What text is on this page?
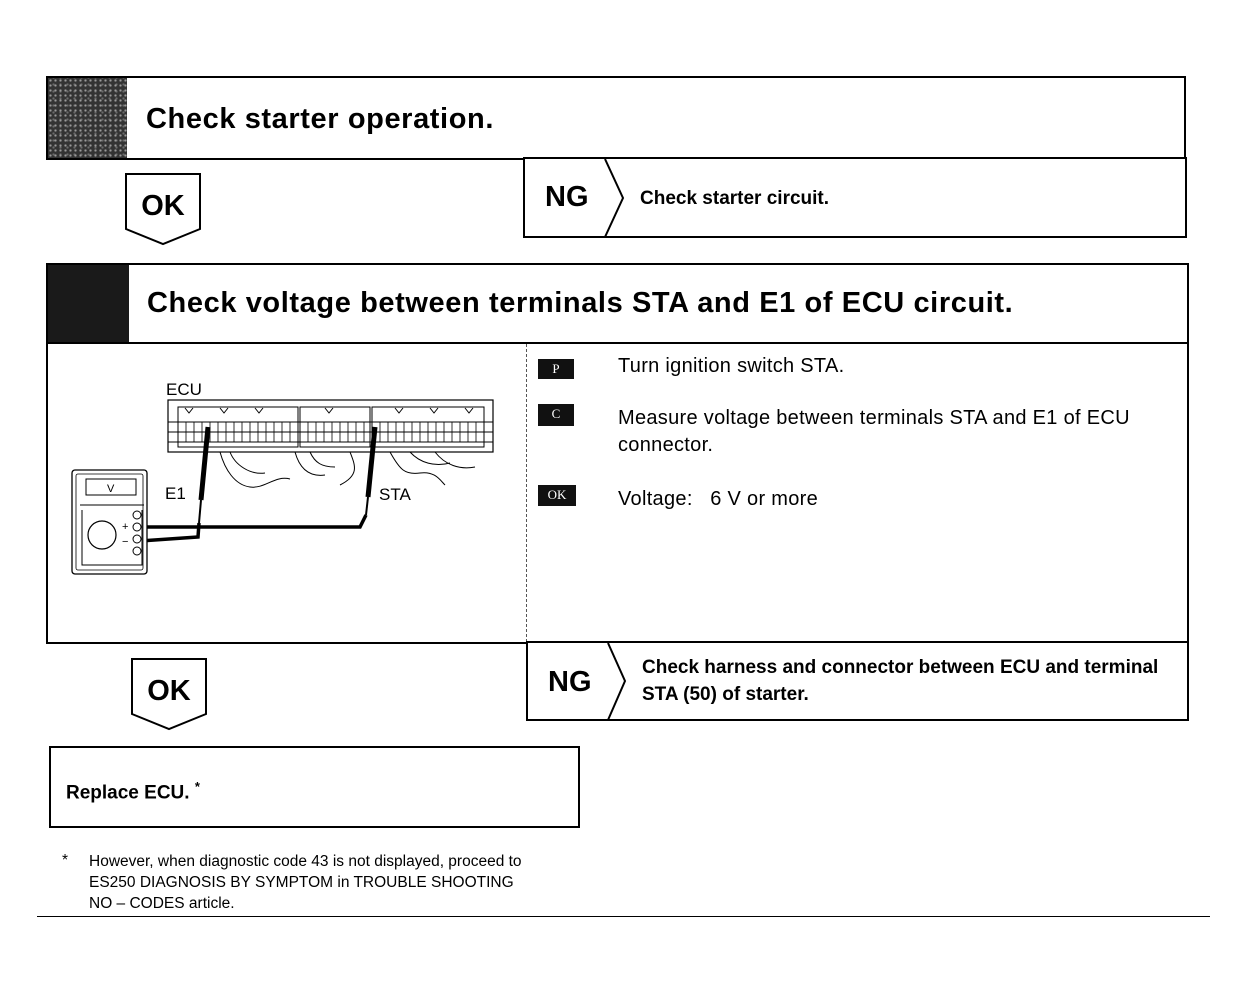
Check starter operation.
OK	NG	Check starter circuit.
Check voltage between terminals STA and E1 of ECU circuit.
P	Turn ignition switch STA.
C	Measure voltage between terminals STA and E1 of ECU connector.
OK	Voltage:   6 V or more
+
−
ECU
E1	STA
V
OK	NG	Check harness and connector between ECU and terminal STA (50) of starter.
Replace ECU. *
* However, when diagnostic code 43 is not displayed, proceed to ES250 DIAGNOSIS BY SYMPTOM in TROUBLE SHOOTING NO – CODES article.
